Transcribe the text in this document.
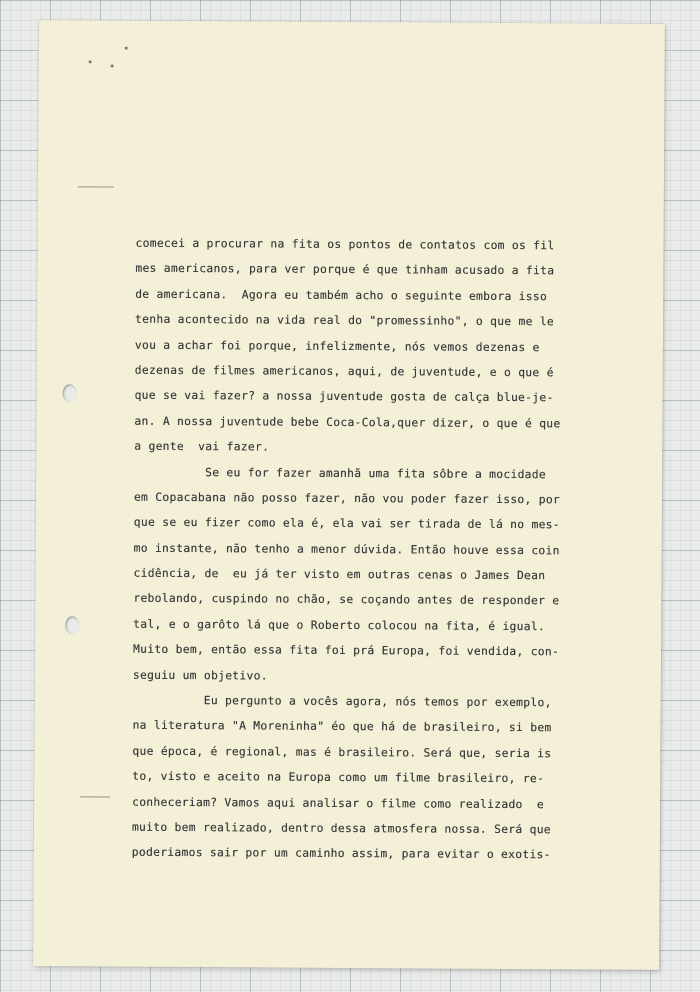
comecei a procurar na fita os pontos de contatos com os fil
mes americanos, para ver porque é que tinham acusado a fita
de americana.  Agora eu também acho o seguinte embora isso
tenha acontecido na vida real do "promessinho", o que me le
vou a achar foi porque, infelizmente, nós vemos dezenas e
dezenas de filmes americanos, aqui, de juventude, e o que é
que se vai fazer? a nossa juventude gosta de calça blue-je-
an. A nossa juventude bebe Coca-Cola,quer dizer, o que é que
a gente  vai fazer.
Se eu for fazer amanhã uma fita sôbre a mocidade
em Copacabana não posso fazer, não vou poder fazer isso, por
que se eu fizer como ela é, ela vai ser tirada de lá no mes-
mo instante, não tenho a menor dúvida. Então houve essa coin
cidência, de  eu já ter visto em outras cenas o James Dean
rebolando, cuspindo no chão, se coçando antes de responder e
tal, e o garôto lá que o Roberto colocou na fita, é igual.
Muito bem, então essa fita foi prá Europa, foi vendida, con-
seguiu um objetivo.
Eu pergunto a vocês agora, nós temos por exemplo,
na literatura "A Moreninha" éo que há de brasileiro, si bem
que época, é regional, mas é brasileiro. Será que, seria is
to, visto e aceito na Europa como um filme brasileiro, re-
conheceriam? Vamos aqui analisar o filme como realizado  e
muito bem realizado, dentro dessa atmosfera nossa. Será que
poderiamos sair por um caminho assim, para evitar o exotis-
